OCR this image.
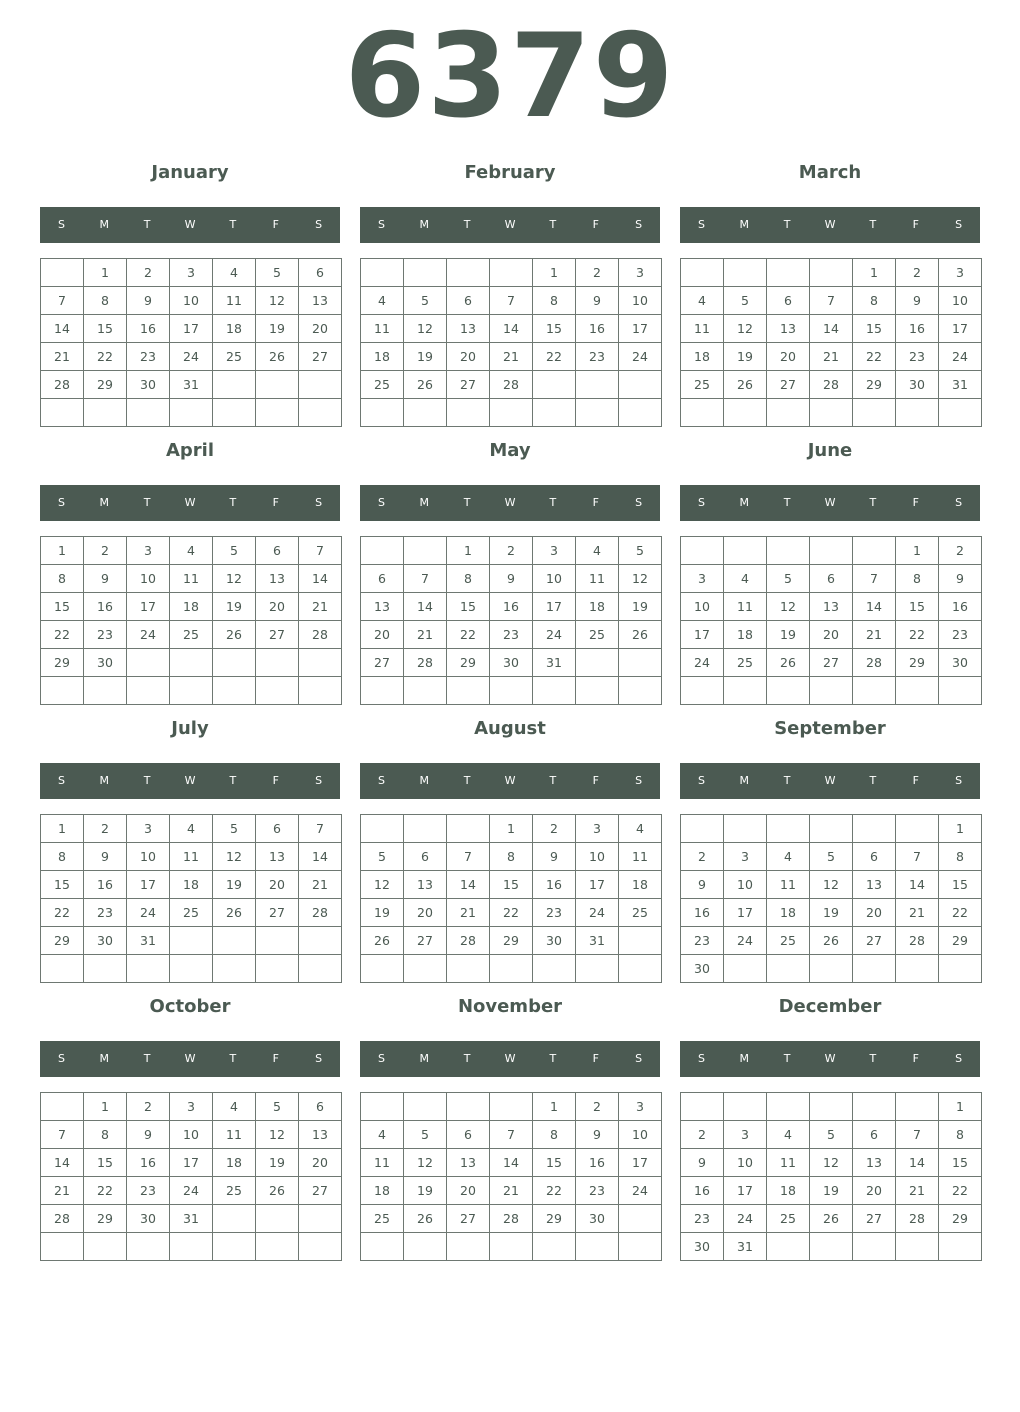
6379
January
S	M	T	W	T	F	S
	1	2	3	4	5	6
7	8	9	10	11	12	13
14	15	16	17	18	19	20
21	22	23	24	25	26	27
28	29	30	31			

February
S	M	T	W	T	F	S
				1	2	3
4	5	6	7	8	9	10
11	12	13	14	15	16	17
18	19	20	21	22	23	24
25	26	27	28			

March
S	M	T	W	T	F	S
				1	2	3
4	5	6	7	8	9	10
11	12	13	14	15	16	17
18	19	20	21	22	23	24
25	26	27	28	29	30	31

April
S	M	T	W	T	F	S
1	2	3	4	5	6	7
8	9	10	11	12	13	14
15	16	17	18	19	20	21
22	23	24	25	26	27	28
29	30					

May
S	M	T	W	T	F	S
		1	2	3	4	5
6	7	8	9	10	11	12
13	14	15	16	17	18	19
20	21	22	23	24	25	26
27	28	29	30	31		

June
S	M	T	W	T	F	S
					1	2
3	4	5	6	7	8	9
10	11	12	13	14	15	16
17	18	19	20	21	22	23
24	25	26	27	28	29	30

July
S	M	T	W	T	F	S
1	2	3	4	5	6	7
8	9	10	11	12	13	14
15	16	17	18	19	20	21
22	23	24	25	26	27	28
29	30	31				

August
S	M	T	W	T	F	S
			1	2	3	4
5	6	7	8	9	10	11
12	13	14	15	16	17	18
19	20	21	22	23	24	25
26	27	28	29	30	31	

September
S	M	T	W	T	F	S
						1
2	3	4	5	6	7	8
9	10	11	12	13	14	15
16	17	18	19	20	21	22
23	24	25	26	27	28	29
30						
October
S	M	T	W	T	F	S
	1	2	3	4	5	6
7	8	9	10	11	12	13
14	15	16	17	18	19	20
21	22	23	24	25	26	27
28	29	30	31			

November
S	M	T	W	T	F	S
				1	2	3
4	5	6	7	8	9	10
11	12	13	14	15	16	17
18	19	20	21	22	23	24
25	26	27	28	29	30	

December
S	M	T	W	T	F	S
						1
2	3	4	5	6	7	8
9	10	11	12	13	14	15
16	17	18	19	20	21	22
23	24	25	26	27	28	29
30	31					
